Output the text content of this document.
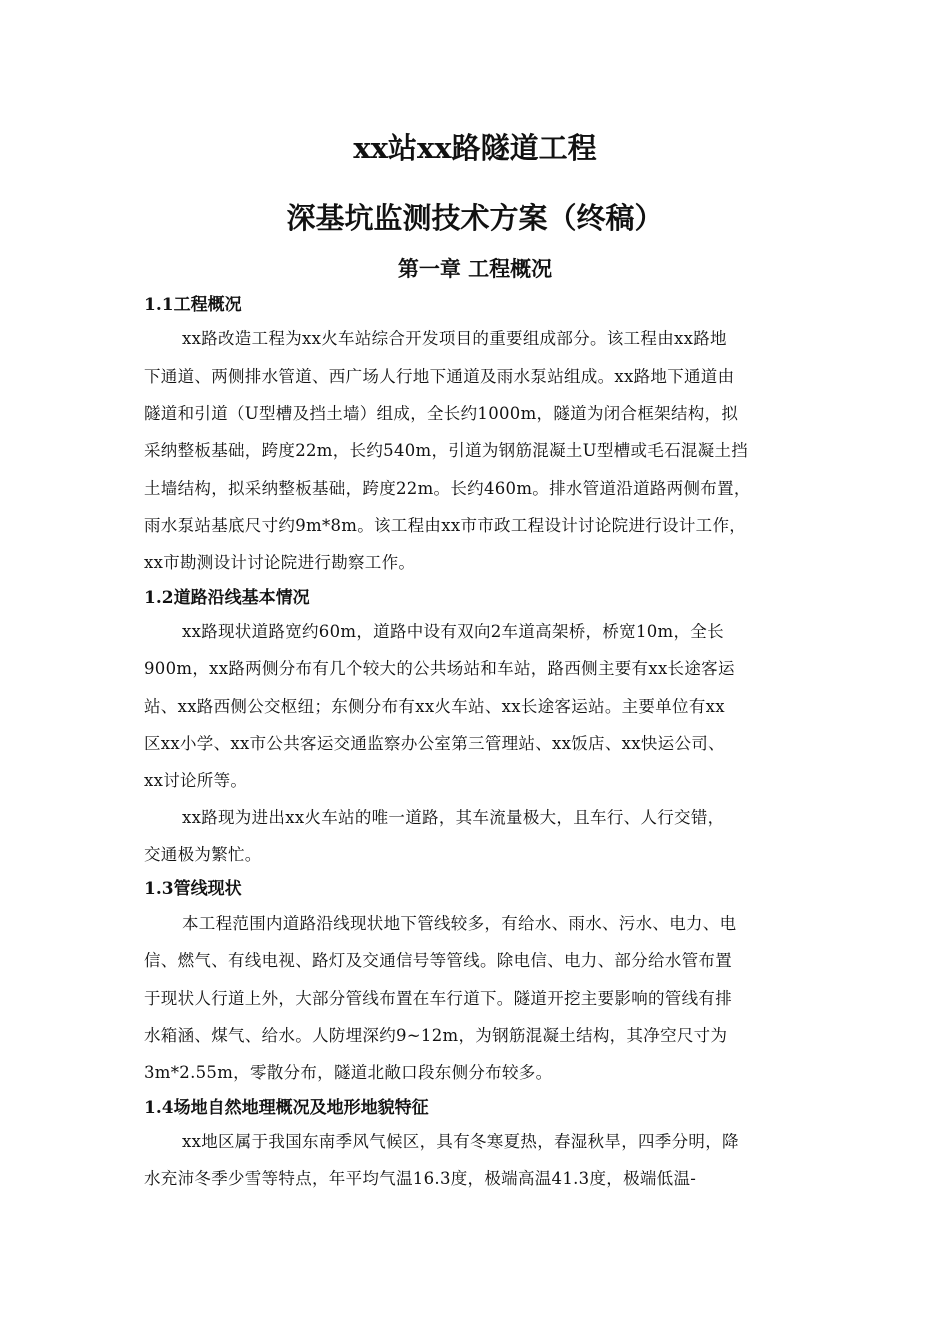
xx站xx路隧道工程
深基坑监测技术方案（终稿）
第一章 工程概况
1.1工程概况
xx路改造工程为xx火车站综合开发项目的重要组成部分。该工程由xx路地
下通道、两侧排水管道、西广场人行地下通道及雨水泵站组成。xx路地下通道由
隧道和引道（U型槽及挡土墙）组成，全长约1000m，隧道为闭合框架结构，拟
采纳整板基础，跨度22m，长约540m，引道为钢筋混凝土U型槽或毛石混凝土挡
土墙结构，拟采纳整板基础，跨度22m。长约460m。排水管道沿道路两侧布置，
雨水泵站基底尺寸约9m*8m。该工程由xx市市政工程设计讨论院进行设计工作，
xx市勘测设计讨论院进行勘察工作。
1.2道路沿线基本情况
xx路现状道路宽约60m，道路中设有双向2车道高架桥，桥宽10m，全长
900m，xx路两侧分布有几个较大的公共场站和车站，路西侧主要有xx长途客运
站、xx路西侧公交枢纽；东侧分布有xx火车站、xx长途客运站。主要单位有xx
区xx小学、xx市公共客运交通监察办公室第三管理站、xx饭店、xx快运公司、
xx讨论所等。
xx路现为进出xx火车站的唯一道路，其车流量极大，且车行、人行交错，
交通极为繁忙。
1.3管线现状
本工程范围内道路沿线现状地下管线较多，有给水、雨水、污水、电力、电
信、燃气、有线电视、路灯及交通信号等管线。除电信、电力、部分给水管布置
于现状人行道上外，大部分管线布置在车行道下。隧道开挖主要影响的管线有排
水箱涵、煤气、给水。人防埋深约9~12m，为钢筋混凝土结构，其净空尺寸为
3m*2.55m，零散分布，隧道北敞口段东侧分布较多。
1.4场地自然地理概况及地形地貌特征
xx地区属于我国东南季风气候区，具有冬寒夏热，春湿秋旱，四季分明，降
水充沛冬季少雪等特点，年平均气温16.3度，极端高温41.3度，极端低温-
